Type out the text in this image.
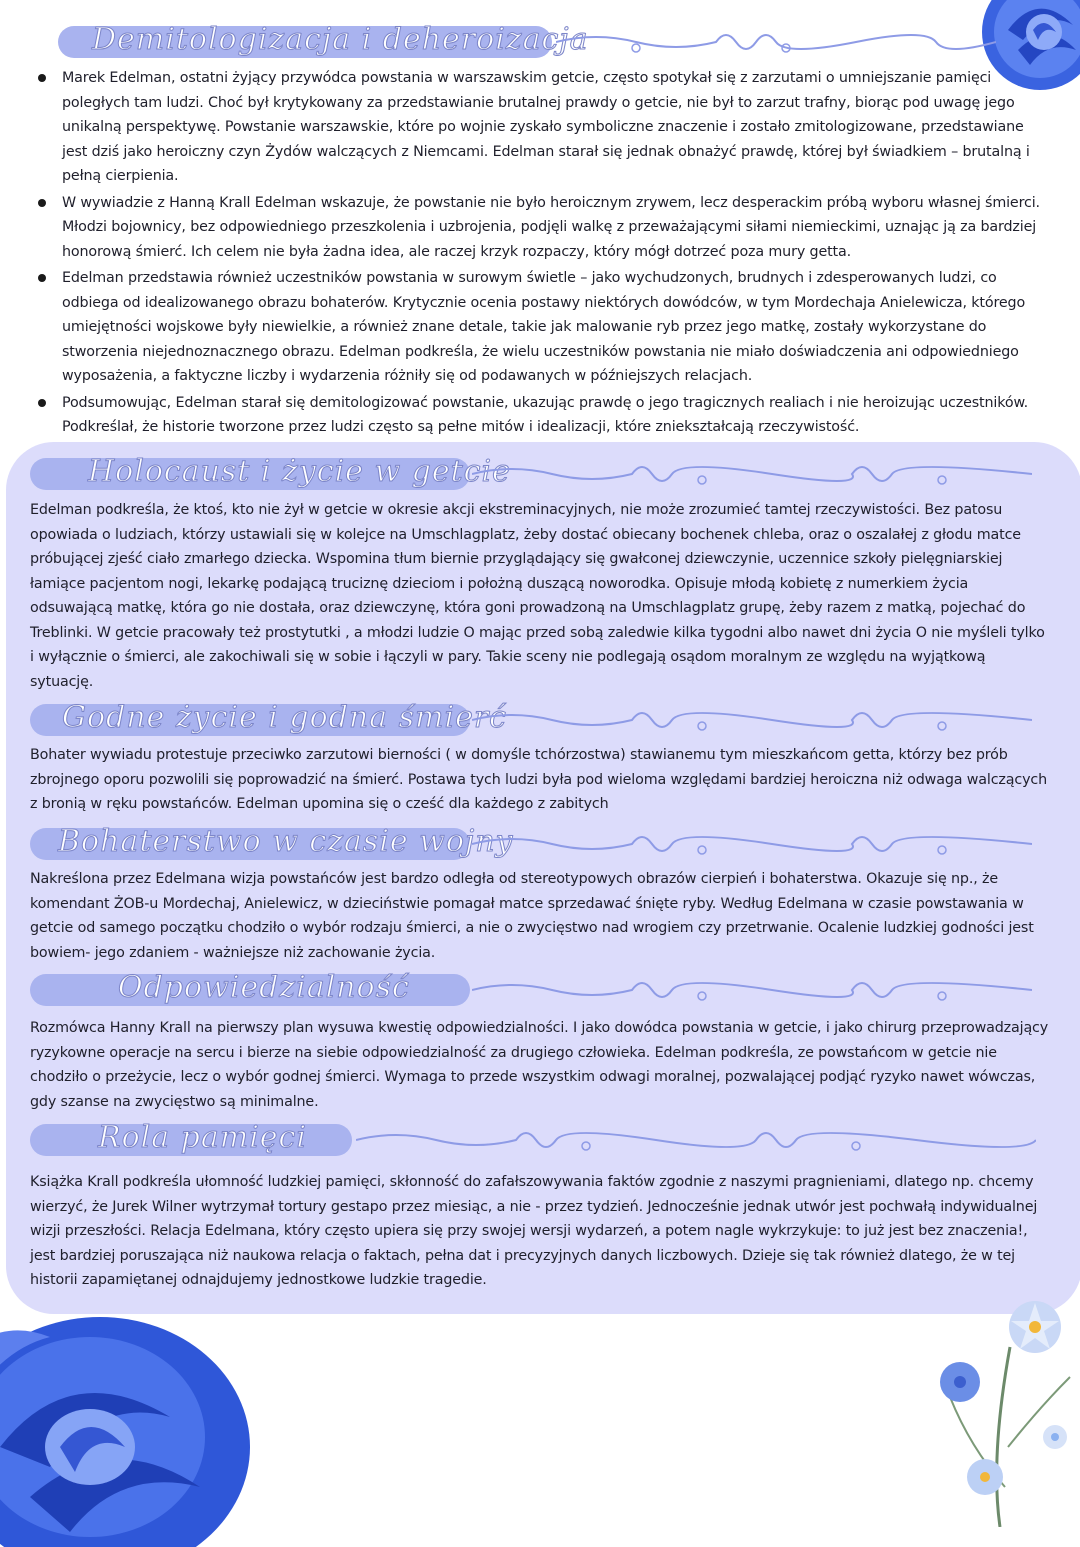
Demitologizacja i deheroizacja
Marek Edelman, ostatni żyjący przywódca powstania w warszawskim getcie, często spotykał się z zarzutami o umniejszanie pamięci poległych tam ludzi. Choć był krytykowany za przedstawianie brutalnej prawdy o getcie, nie był to zarzut trafny, biorąc pod uwagę jego unikalną perspektywę. Powstanie warszawskie, które po wojnie zyskało symboliczne znaczenie i zostało zmitologizowane, przedstawiane jest dziś jako heroiczny czyn Żydów walczących z Niemcami. Edelman starał się jednak obnażyć prawdę, której był świadkiem – brutalną i pełną cierpienia.
W wywiadzie z Hanną Krall Edelman wskazuje, że powstanie nie było heroicznym zrywem, lecz desperackim próbą wyboru własnej śmierci. Młodzi bojownicy, bez odpowiedniego przeszkolenia i uzbrojenia, podjęli walkę z przeważającymi siłami niemieckimi, uznając ją za bardziej honorową śmierć. Ich celem nie była żadna idea, ale raczej krzyk rozpaczy, który mógł dotrzeć poza mury getta.
Edelman przedstawia również uczestników powstania w surowym świetle – jako wychudzonych, brudnych i zdesperowanych ludzi, co odbiega od idealizowanego obrazu bohaterów. Krytycznie ocenia postawy niektórych dowódców, w tym Mordechaja Anielewicza, którego umiejętności wojskowe były niewielkie, a również znane detale, takie jak malowanie ryb przez jego matkę, zostały wykorzystane do stworzenia niejednoznacznego obrazu. Edelman podkreśla, że wielu uczestników powstania nie miało doświadczenia ani odpowiedniego wyposażenia, a faktyczne liczby i wydarzenia różniły się od podawanych w późniejszych relacjach.
Podsumowując, Edelman starał się demitologizować powstanie, ukazując prawdę o jego tragicznych realiach i nie heroizując uczestników. Podkreślał, że historie tworzone przez ludzi często są pełne mitów i idealizacji, które zniekształcają rzeczywistość.
Holocaust i życie w getcie

Edelman podkreśla, że ktoś, kto nie żył w getcie w okresie akcji ekstreminacyjnych, nie może zrozumieć tamtej rzeczywistości. Bez patosu opowiada o ludziach, którzy ustawiali się w kolejce na Umschlagplatz, żeby dostać obiecany bochenek chleba, oraz o oszalałej z głodu matce próbującej zjeść ciało zmarłego dziecka. Wspomina tłum biernie przyglądający się gwałconej dziewczynie, uczennice szkoły pielęgniarskiej łamiące pacjentom nogi, lekarkę podającą truciznę dzieciom i położną duszącą noworodka. Opisuje młodą kobietę z numerkiem życia odsuwającą matkę, która go nie dostała, oraz dziewczynę, która goni prowadzoną na Umschlagplatz grupę, żeby razem z matką, pojechać do Treblinki. W getcie pracowały też prostytutki , a młodzi ludzie O mając przed sobą zaledwie kilka tygodni albo nawet dni życia O nie myśleli tylko i wyłącznie o śmierci, ale zakochiwali się w sobie i łączyli w pary. Takie sceny nie podlegają osądom moralnym ze względu na wyjątkową sytuację.

Godne życie i godna śmierć

Bohater wywiadu protestuje przeciwko zarzutowi bierności ( w domyśle tchórzostwa) stawianemu tym mieszkańcom getta, którzy bez prób zbrojnego oporu pozwolili się poprowadzić na śmierć. Postawa tych ludzi była pod wieloma względami bardziej heroiczna niż odwaga walczących z bronią w ręku powstańców. Edelman upomina się o cześć dla każdego z zabitych

Bohaterstwo w czasie wojny

Nakreślona przez Edelmana wizja powstańców jest bardzo odległa od stereotypowych obrazów cierpień i bohaterstwa. Okazuje się np., że komendant ŻOB-u Mordechaj, Anielewicz, w dzieciństwie pomagał matce sprzedawać śnięte ryby. Według Edelmana w czasie powstawania w getcie od samego początku chodziło o wybór rodzaju śmierci, a nie o zwycięstwo nad wrogiem czy przetrwanie. Ocalenie ludzkiej godności jest bowiem- jego zdaniem - ważniejsze niż zachowanie życia.

Odpowiedzialność

Rozmówca Hanny Krall na pierwszy plan wysuwa kwestię odpowiedzialności. I jako dowódca powstania w getcie, i jako chirurg przeprowadzający ryzykowne operacje na sercu i bierze na siebie odpowiedzialność za drugiego człowieka. Edelman podkreśla, ze powstańcom w getcie nie chodziło o przeżycie, lecz o wybór godnej śmierci. Wymaga to przede wszystkim odwagi moralnej, pozwalającej podjąć ryzyko nawet wówczas, gdy szanse na zwycięstwo są minimalne.

Rola pamięci

Książka Krall podkreśla ułomność ludzkiej pamięci, skłonność do zafałszowywania faktów zgodnie z naszymi pragnieniami, dlatego np. chcemy wierzyć, że Jurek Wilner wytrzymał tortury gestapo przez miesiąc, a nie - przez tydzień. Jednocześnie jednak utwór jest pochwałą indywidualnej wizji przeszłości. Relacja Edelmana, który często upiera się przy swojej wersji wydarzeń, a potem nagle wykrzykuje: to już jest bez znaczenia!, jest bardziej poruszająca niż naukowa relacja o faktach, pełna dat i precyzyjnych danych liczbowych. Dzieje się tak również dlatego, że w tej historii zapamiętanej odnajdujemy jednostkowe ludzkie tragedie.
